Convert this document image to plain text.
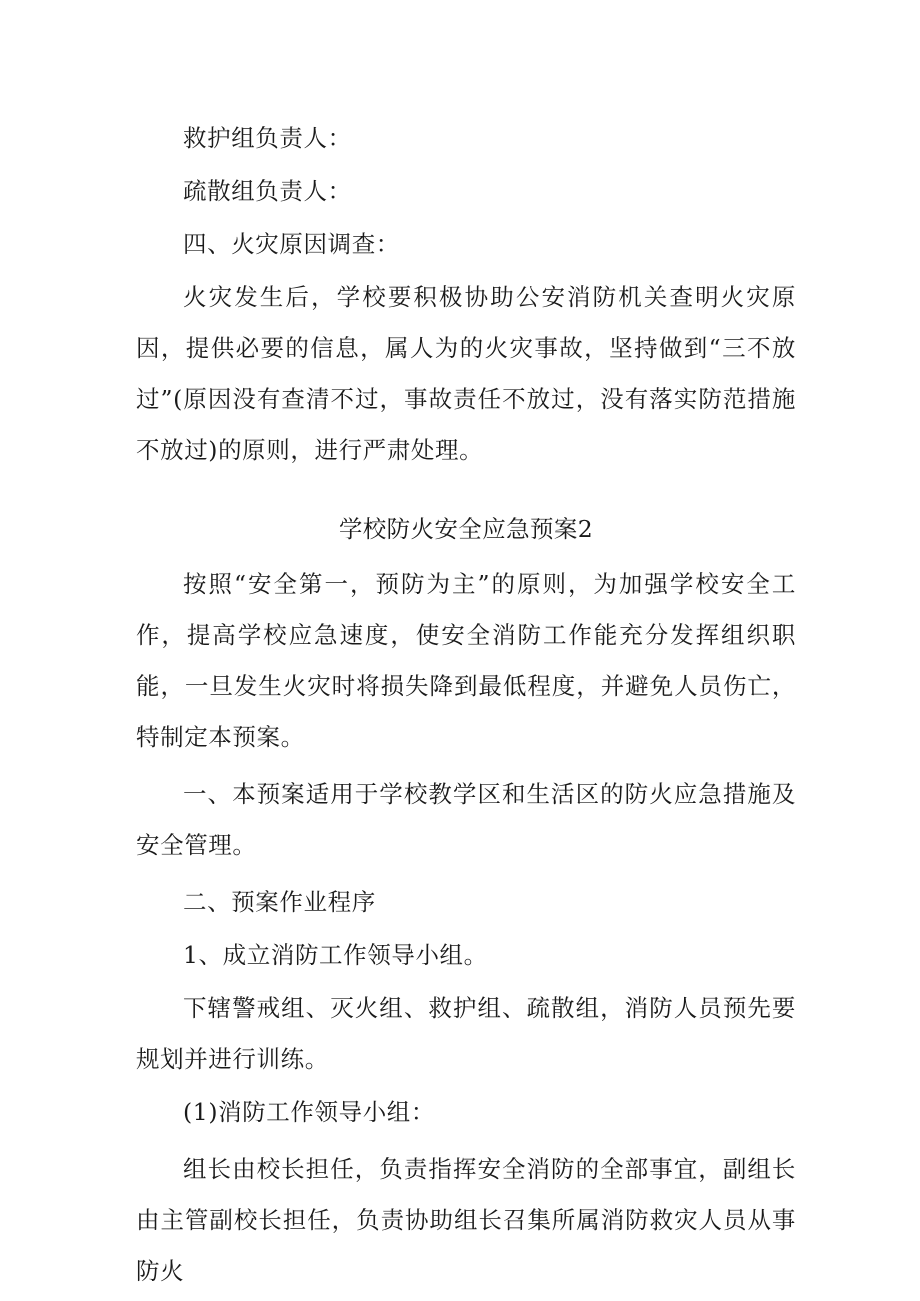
救护组负责人：

疏散组负责人：

四、火灾原因调查：

火灾发生后，学校要积极协助公安消防机关查明火灾原因，提供必要的信息，属人为的火灾事故，坚持做到“三不放过”(原因没有查清不过，事故责任不放过，没有落实防范措施不放过)的原则，进行严肃处理。

学校防火安全应急预案2

按照“安全第一，预防为主”的原则，为加强学校安全工作，提高学校应急速度，使安全消防工作能充分发挥组织职能，一旦发生火灾时将损失降到最低程度，并避免人员伤亡，特制定本预案。

一、本预案适用于学校教学区和生活区的防火应急措施及安全管理。

二、预案作业程序

1、成立消防工作领导小组。

下辖警戒组、灭火组、救护组、疏散组，消防人员预先要规划并进行训练。

(1)消防工作领导小组：

组长由校长担任，负责指挥安全消防的全部事宜，副组长由主管副校长担任，负责协助组长召集所属消防救灾人员从事防火
